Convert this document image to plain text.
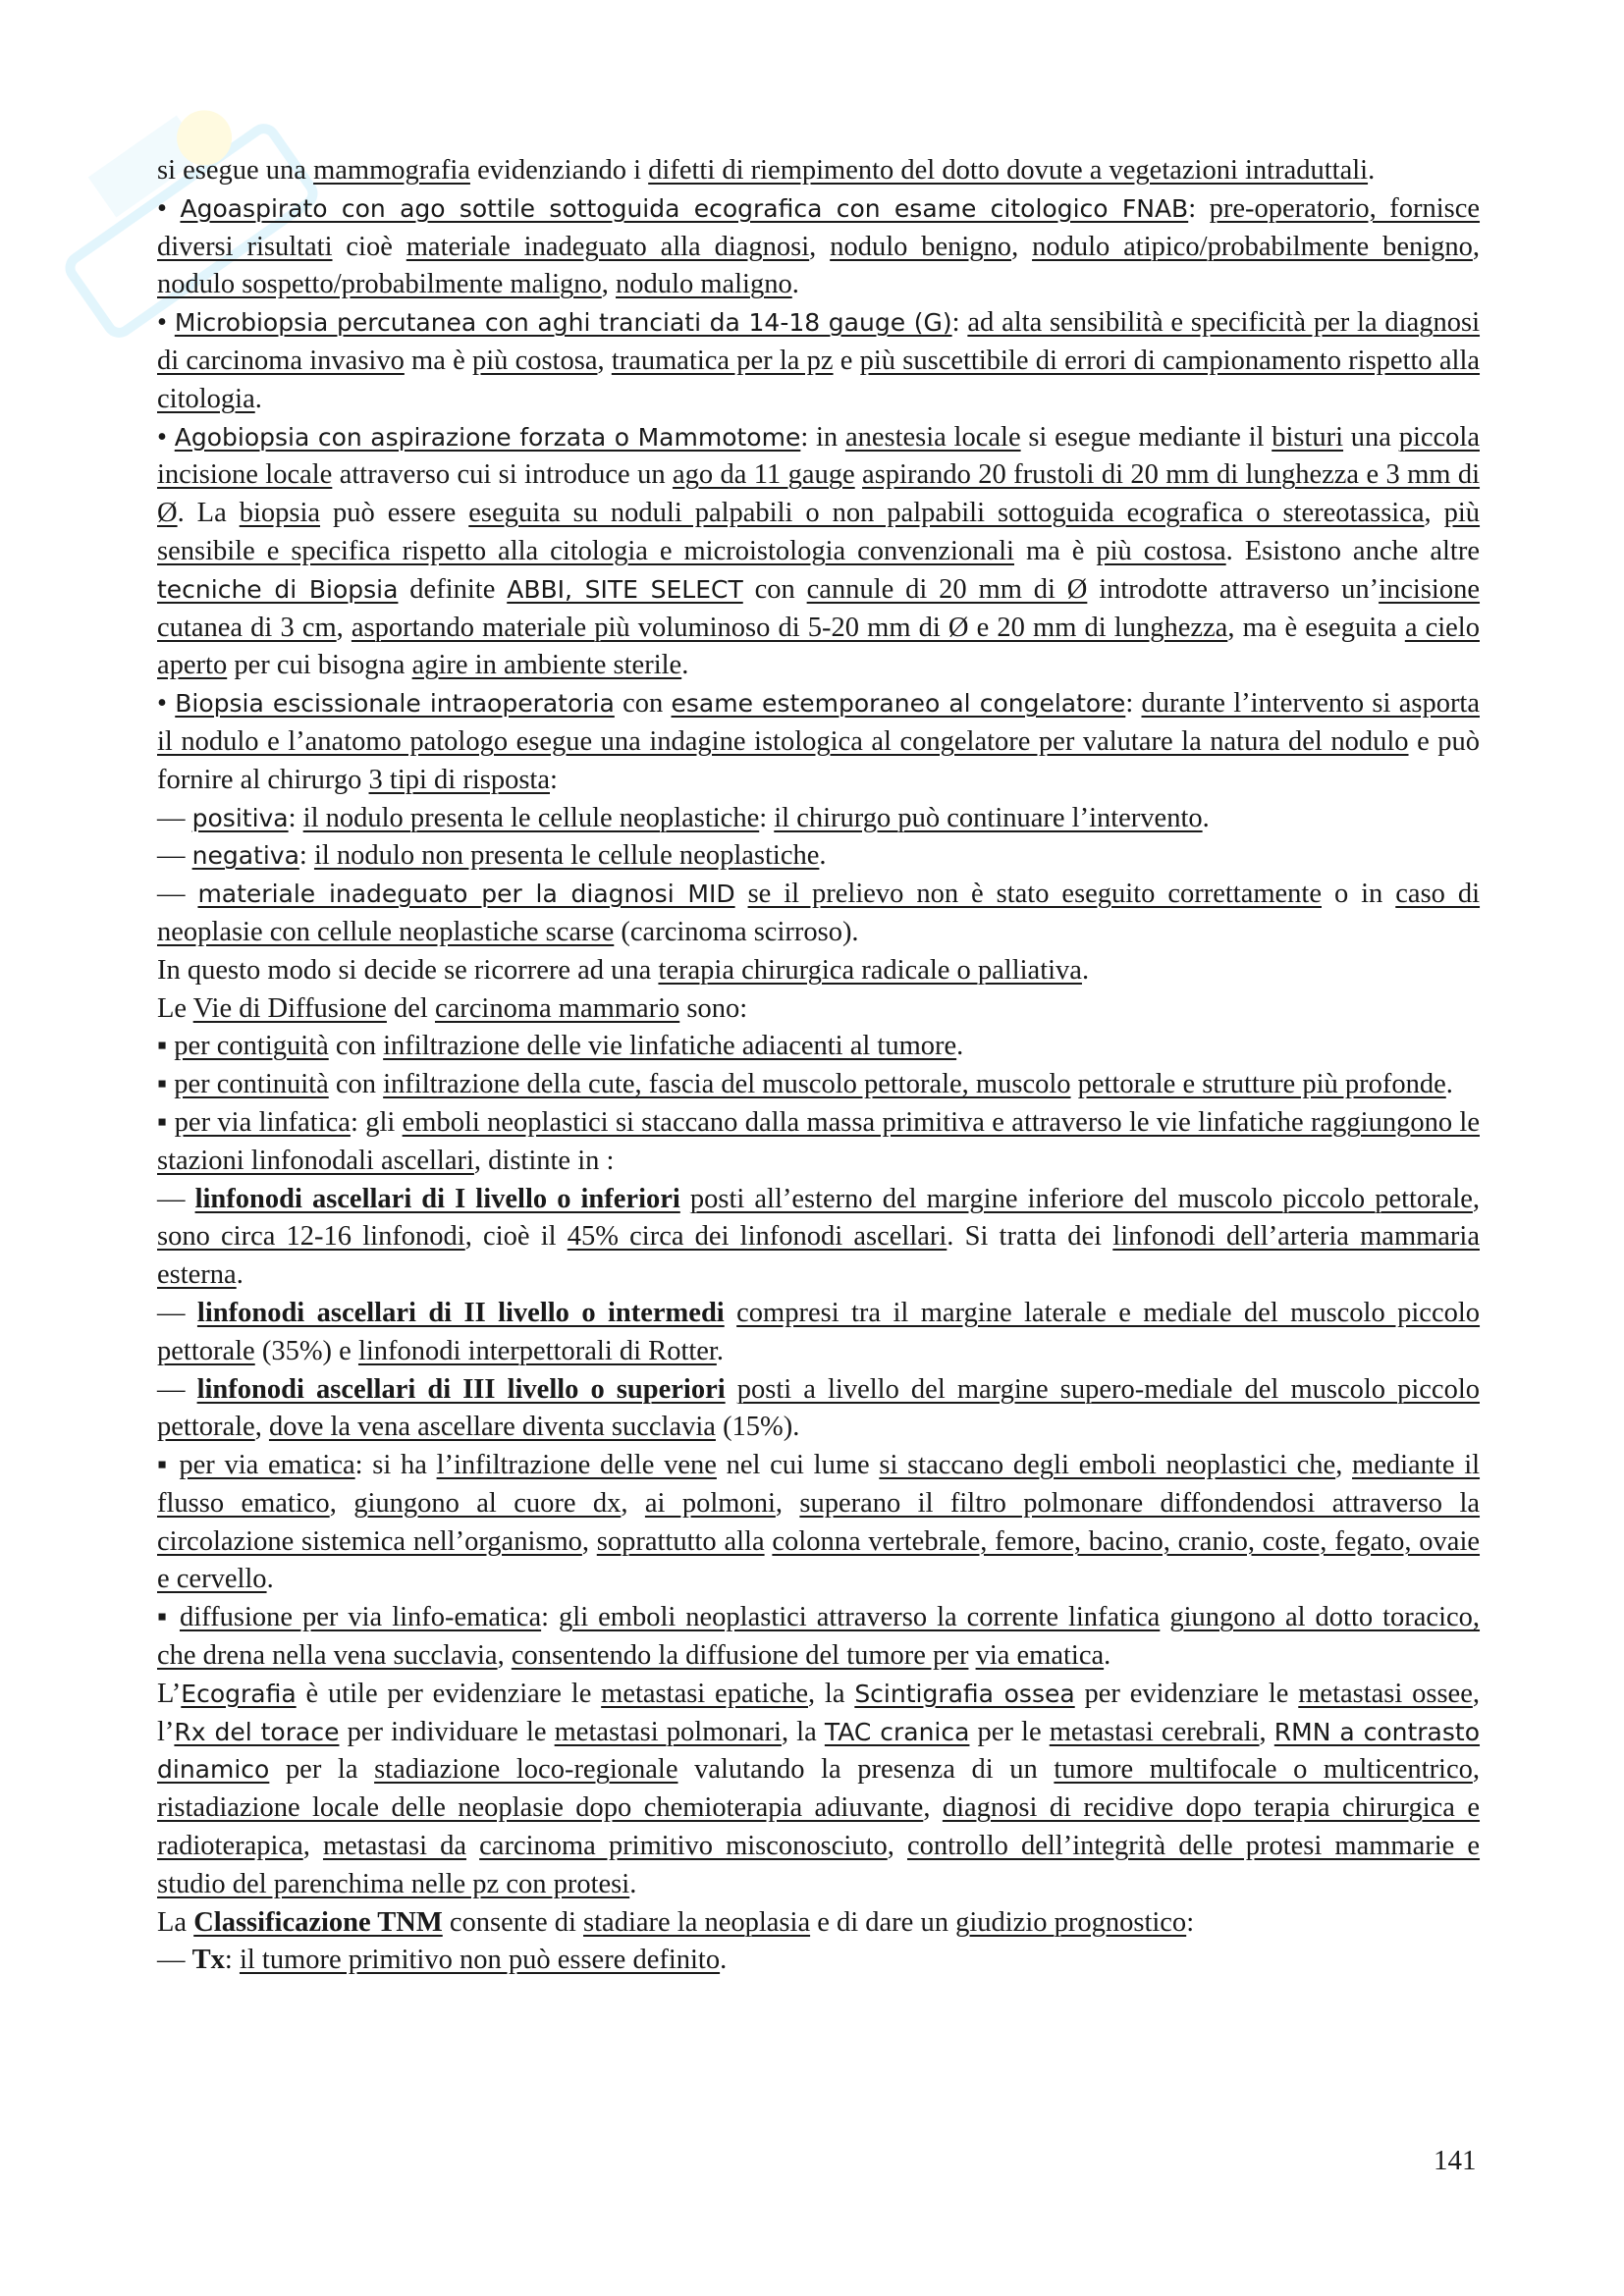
si esegue una mammografia evidenziando i difetti di riempimento del dotto dovute a vegetazioni intraduttali.

• Agoaspirato con ago sottile sottoguida ecografica con esame citologico FNAB: pre-operatorio, fornisce diversi risultati cioè materiale inadeguato alla diagnosi, nodulo benigno, nodulo atipico/probabilmente benigno, nodulo sospetto/probabilmente maligno, nodulo maligno.

• Microbiopsia percutanea con aghi tranciati da 14-18 gauge (G): ad alta sensibilità e specificità per la diagnosi di carcinoma invasivo ma è più costosa, traumatica per la pz e più suscettibile di errori di campionamento rispetto alla citologia.

• Agobiopsia con aspirazione forzata o Mammotome: in anestesia locale si esegue mediante il bisturi una piccola incisione locale attraverso cui si introduce un ago da 11 gauge aspirando 20 frustoli di 20 mm di lunghezza e 3 mm di Ø. La biopsia può essere eseguita su noduli palpabili o non palpabili sottoguida ecografica o stereotassica, più sensibile e specifica rispetto alla citologia e microistologia convenzionali ma è più costosa. Esistono anche altre tecniche di Biopsia definite ABBI, SITE SELECT con cannule di 20 mm di Ø introdotte attraverso un’incisione cutanea di 3 cm, asportando materiale più voluminoso di 5-20 mm di Ø e 20 mm di lunghezza, ma è eseguita a cielo aperto per cui bisogna agire in ambiente sterile.

• Biopsia escissionale intraoperatoria con esame estemporaneo al congelatore: durante l’intervento si asporta il nodulo e l’anatomo patologo esegue una indagine istologica al congelatore per valutare la natura del nodulo e può fornire al chirurgo 3 tipi di risposta:

— positiva: il nodulo presenta le cellule neoplastiche: il chirurgo può continuare l’intervento.

— negativa: il nodulo non presenta le cellule neoplastiche.

— materiale inadeguato per la diagnosi MID se il prelievo non è stato eseguito correttamente o in caso di neoplasie con cellule neoplastiche scarse (carcinoma scirroso).

In questo modo si decide se ricorrere ad una terapia chirurgica radicale o palliativa.

Le Vie di Diffusione del carcinoma mammario sono:

▪ per contiguità con infiltrazione delle vie linfatiche adiacenti al tumore.

▪ per continuità con infiltrazione della cute, fascia del muscolo pettorale, muscolo pettorale e strutture più profonde.

▪ per via linfatica: gli emboli neoplastici si staccano dalla massa primitiva e attraverso le vie linfatiche raggiungono le stazioni linfonodali ascellari, distinte in :

— linfonodi ascellari di I livello o inferiori posti all’esterno del margine inferiore del muscolo piccolo pettorale, sono circa 12-16 linfonodi, cioè il 45% circa dei linfonodi ascellari. Si tratta dei linfonodi dell’arteria mammaria esterna.

— linfonodi ascellari di II livello o intermedi compresi tra il margine laterale e mediale del muscolo piccolo pettorale (35%) e linfonodi interpettorali di Rotter.

— linfonodi ascellari di III livello o superiori posti a livello del margine supero-mediale del muscolo piccolo pettorale, dove la vena ascellare diventa succlavia (15%).

▪ per via ematica: si ha l’infiltrazione delle vene nel cui lume si staccano degli emboli neoplastici che, mediante il flusso ematico, giungono al cuore dx, ai polmoni, superano il filtro polmonare diffondendosi attraverso la circolazione sistemica nell’organismo, soprattutto alla colonna vertebrale, femore, bacino, cranio, coste, fegato, ovaie e cervello.

▪ diffusione per via linfo-ematica: gli emboli neoplastici attraverso la corrente linfatica giungono al dotto toracico, che drena nella vena succlavia, consentendo la diffusione del tumore per via ematica.

L’Ecografia è utile per evidenziare le metastasi epatiche, la Scintigrafia ossea per evidenziare le metastasi ossee, l’Rx del torace per individuare le metastasi polmonari, la TAC cranica per le metastasi cerebrali, RMN a contrasto dinamico per la stadiazione loco-regionale valutando la presenza di un tumore multifocale o multicentrico, ristadiazione locale delle neoplasie dopo chemioterapia adiuvante, diagnosi di recidive dopo terapia chirurgica e radioterapica, metastasi da carcinoma primitivo misconosciuto, controllo dell’integrità delle protesi mammarie e studio del parenchima nelle pz con protesi.

La Classificazione TNM consente di stadiare la neoplasia e di dare un giudizio prognostico:

— Tx: il tumore primitivo non può essere definito.

141
